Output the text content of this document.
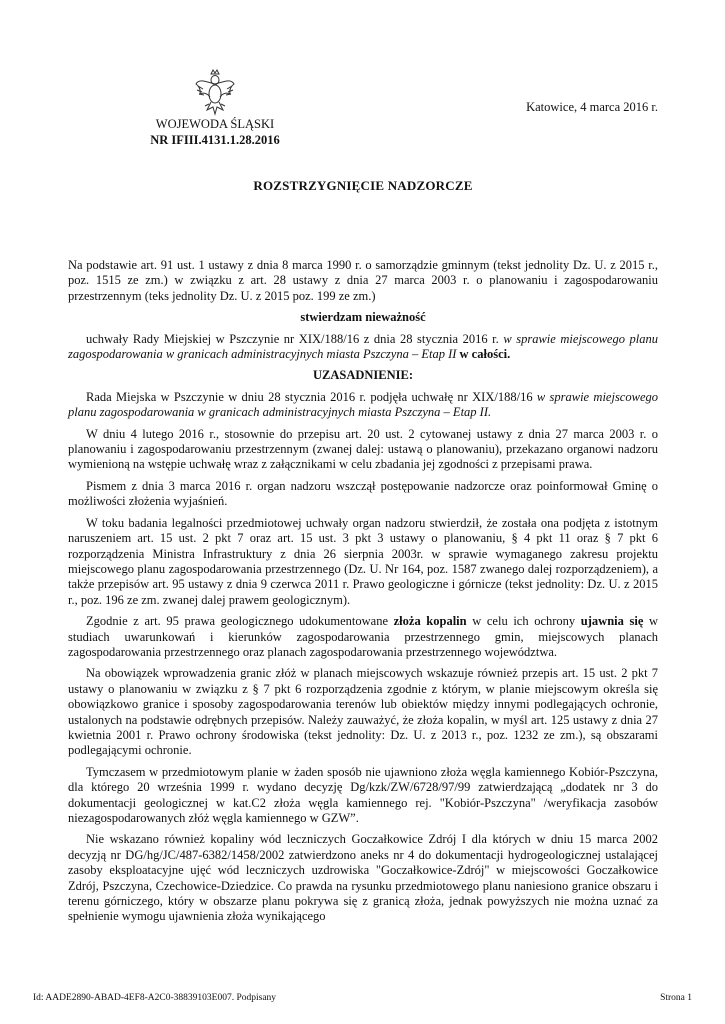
WOJEWODA ŚLĄSKI
NR IFIII.4131.1.28.2016
Katowice, 4 marca 2016 r.
ROZSTRZYGNIĘCIE NADZORCZE

Na podstawie art. 91 ust. 1 ustawy z dnia 8 marca 1990 r. o samorządzie gminnym (tekst jednolity Dz. U. z 2015 r., poz. 1515 ze zm.) w związku z art. 28 ustawy z dnia 27 marca 2003 r. o planowaniu i zagospodarowaniu przestrzennym (teks jednolity Dz. U. z 2015 poz. 199 ze zm.)

stwierdzam nieważność

uchwały Rady Miejskiej w Pszczynie nr XIX/188/16 z dnia 28 stycznia 2016 r. w sprawie miejscowego planu zagospodarowania w granicach administracyjnych miasta Pszczyna – Etap II w całości.

UZASADNIENIE:

Rada Miejska w Pszczynie w dniu 28 stycznia 2016 r. podjęła uchwałę nr XIX/188/16 w sprawie miejscowego planu zagospodarowania w granicach administracyjnych miasta Pszczyna – Etap II.

W dniu 4 lutego 2016 r., stosownie do przepisu art. 20 ust. 2 cytowanej ustawy z dnia 27 marca 2003 r. o planowaniu i zagospodarowaniu przestrzennym (zwanej dalej: ustawą o planowaniu), przekazano organowi nadzoru wymienioną na wstępie uchwałę wraz z załącznikami w celu zbadania jej zgodności z przepisami prawa.

Pismem z dnia 3 marca 2016 r. organ nadzoru wszczął postępowanie nadzorcze oraz poinformował Gminę o możliwości złożenia wyjaśnień.

W toku badania legalności przedmiotowej uchwały organ nadzoru stwierdził, że została ona podjęta z istotnym naruszeniem art. 15 ust. 2 pkt 7 oraz art. 15 ust. 3 pkt 3 ustawy o planowaniu, § 4 pkt 11 oraz § 7 pkt 6 rozporządzenia Ministra Infrastruktury z dnia 26 sierpnia 2003r. w sprawie wymaganego zakresu projektu miejscowego planu zagospodarowania przestrzennego (Dz. U. Nr 164, poz. 1587 zwanego dalej rozporządzeniem), a także przepisów art. 95 ustawy z dnia 9 czerwca 2011 r. Prawo geologiczne i górnicze (tekst jednolity: Dz. U. z 2015 r., poz. 196 ze zm. zwanej dalej prawem geologicznym).

Zgodnie z art. 95 prawa geologicznego udokumentowane złoża kopalin w celu ich ochrony ujawnia się w studiach uwarunkowań i kierunków zagospodarowania przestrzennego gmin, miejscowych planach zagospodarowania przestrzennego oraz planach zagospodarowania przestrzennego województwa.

Na obowiązek wprowadzenia granic złóż w planach miejscowych wskazuje również przepis art. 15 ust. 2 pkt 7 ustawy o planowaniu w związku z § 7 pkt 6 rozporządzenia zgodnie z którym, w planie miejscowym określa się obowiązkowo granice i sposoby zagospodarowania terenów lub obiektów między innymi podlegających ochronie, ustalonych na podstawie odrębnych przepisów. Należy zauważyć, że złoża kopalin, w myśl art. 125 ustawy z dnia 27 kwietnia 2001 r. Prawo ochrony środowiska (tekst jednolity: Dz. U. z 2013 r., poz. 1232 ze zm.), są obszarami podlegającymi ochronie.

Tymczasem w przedmiotowym planie w żaden sposób nie ujawniono złoża węgla kamiennego Kobiór-Pszczyna, dla którego 20 września 1999 r. wydano decyzję Dg/kzk/ZW/6728/97/99 zatwierdzającą „dodatek nr 3 do dokumentacji geologicznej w kat.C2 złoża węgla kamiennego rej. "Kobiór-Pszczyna" /weryfikacja zasobów niezagospodarowanych złóż węgla kamiennego w GZW”.

Nie wskazano również kopaliny wód leczniczych Goczałkowice Zdrój I dla których w dniu 15 marca 2002 decyzją nr DG/hg/JC/487-6382/1458/2002 zatwierdzono aneks nr 4 do dokumentacji hydrogeologicznej ustalającej zasoby eksploatacyjne ujęć wód leczniczych uzdrowiska "Goczałkowice-Zdrój" w miejscowości Goczałkowice Zdrój, Pszczyna, Czechowice-Dziedzice. Co prawda na rysunku przedmiotowego planu naniesiono granice obszaru i terenu górniczego, który w obszarze planu pokrywa się z granicą złoża, jednak powyższych nie można uznać za spełnienie wymogu ujawnienia złoża wynikającego

Id: AADE2890-ABAD-4EF8-A2C0-38839103E007. Podpisany	Strona 1
